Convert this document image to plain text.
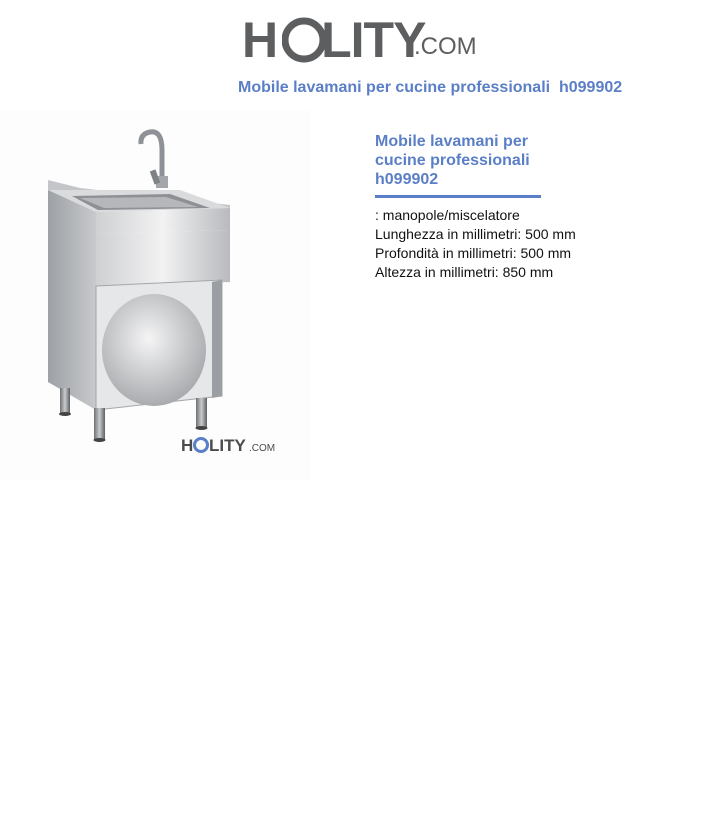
H LITY
.COM
Mobile lavamani per cucine professionali  h099902
H LITY .COM
Mobile lavamani per cucine professionali h099902
: manopole/miscelatore
Lunghezza in millimetri: 500 mm
Profondità in millimetri: 500 mm
Altezza in millimetri: 850 mm
